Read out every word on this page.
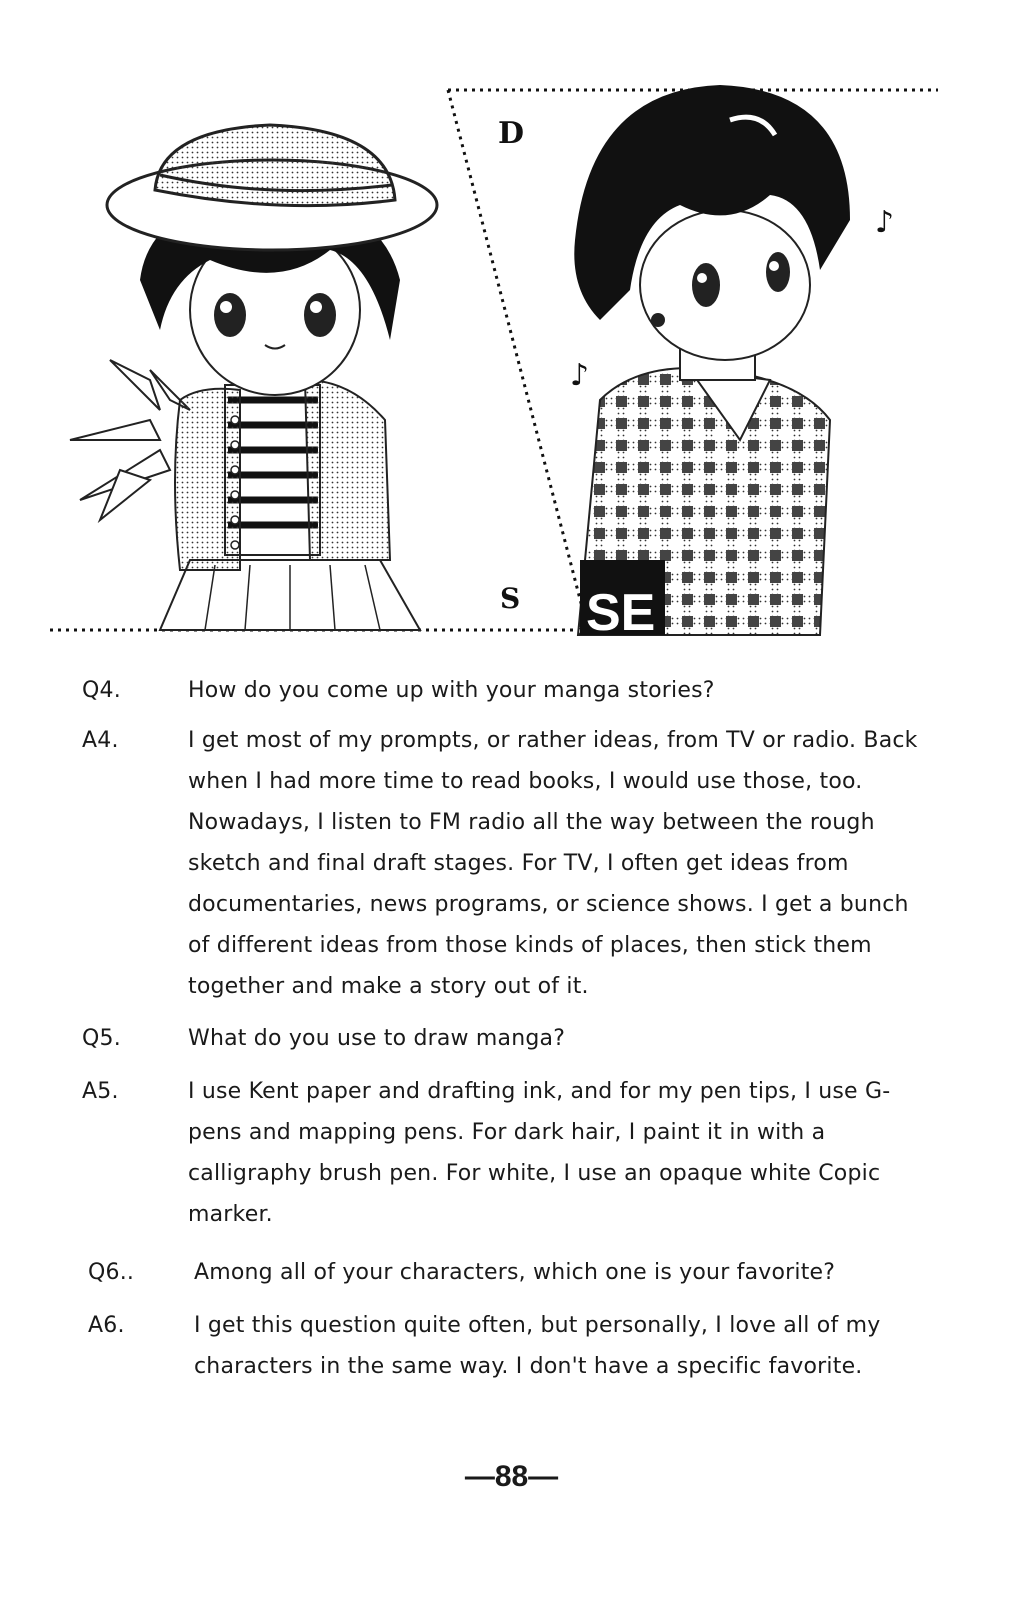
D
S SE
♪
♪
Q4.	How do you come up with your manga stories?
A4.	I get most of my prompts, or rather ideas, from TV or radio. Back when I had more time to read books, I would use those, too. Nowadays, I listen to FM radio all the way between the rough sketch and final draft stages. For TV, I often get ideas from documentaries, news programs, or science shows. I get a bunch of different ideas from those kinds of places, then stick them together and make a story out of it.
Q5.	What do you use to draw manga?
A5.	I use Kent paper and drafting ink, and for my pen tips, I use G-pens and mapping pens. For dark hair, I paint it in with a calligraphy brush pen. For white, I use an opaque white Copic marker.
Q6..	Among all of your characters, which one is your favorite?
A6.	I get this question quite often, but personally, I love all of my characters in the same way. I don't have a specific favorite.
—88—
